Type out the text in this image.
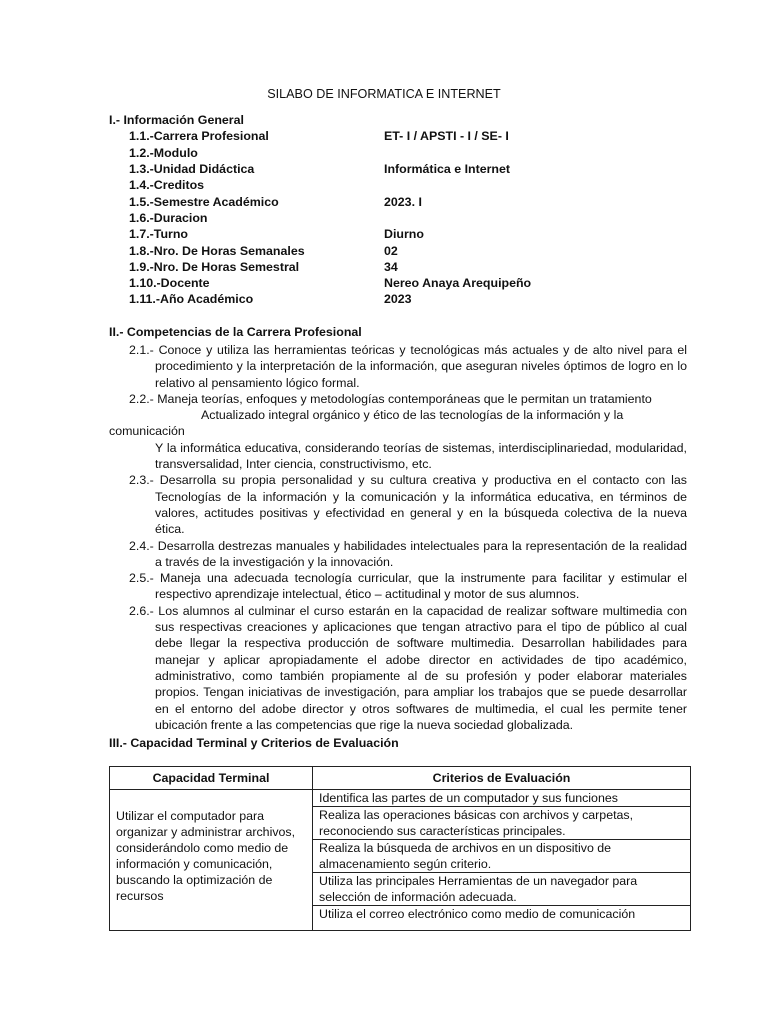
SILABO DE INFORMATICA E INTERNET
I.- Información General
1.1.-Carrera Profesional	ET- I / APSTI - I / SE- I
1.2.-Modulo
1.3.-Unidad Didáctica	Informática e Internet
1.4.-Creditos
1.5.-Semestre Académico	2023. I
1.6.-Duracion
1.7.-Turno	Diurno
1.8.-Nro. De Horas Semanales	02
1.9.-Nro. De Horas Semestral	34
1.10.-Docente	Nereo Anaya Arequipeño
1.11.-Año Académico	2023
II.- Competencias de la Carrera Profesional

2.1.- Conoce y utiliza las herramientas teóricas y tecnológicas más actuales y de alto nivel para el procedimiento y la interpretación de la información, que aseguran niveles óptimos de logro en lo relativo al pensamiento lógico formal.

2.2.- Maneja teorías, enfoques y metodologías contemporáneas que le permitan un tratamiento

Actualizado integral orgánico y ético de las tecnologías de la información y la

comunicación

Y la informática educativa, considerando teorías de sistemas, interdisciplinariedad, modularidad, transversalidad, Inter ciencia, constructivismo, etc.

2.3.- Desarrolla su propia personalidad y su cultura creativa y productiva en el contacto con las Tecnologías de la información y la comunicación y la informática educativa, en términos de valores, actitudes positivas y efectividad en general y en la búsqueda colectiva de la nueva ética.

2.4.- Desarrolla destrezas manuales y habilidades intelectuales para la representación de la realidad a través de la investigación y la innovación.

2.5.- Maneja una adecuada tecnología curricular, que la instrumente para facilitar y estimular el respectivo aprendizaje intelectual, ético – actitudinal y motor de sus alumnos.

2.6.- Los alumnos al culminar el curso estarán en la capacidad de realizar software multimedia con sus respectivas creaciones y aplicaciones que tengan atractivo para el tipo de público al cual debe llegar la respectiva producción de software multimedia. Desarrollan habilidades para manejar y aplicar apropiadamente el adobe director en actividades de tipo académico, administrativo, como también propiamente al de su profesión y poder elaborar materiales propios. Tengan iniciativas de investigación, para ampliar los trabajos que se puede desarrollar en el entorno del adobe director y otros softwares de multimedia, el cual les permite tener ubicación frente a las competencias que rige la nueva sociedad globalizada.

III.- Capacidad Terminal y Criterios de Evaluación
Capacidad Terminal	Criterios de Evaluación
Utilizar el computador para organizar y administrar archivos, considerándolo como medio de información y comunicación, buscando la optimización de recursos	Identifica las partes de un computador y sus funciones
	Realiza las operaciones básicas con archivos y carpetas, reconociendo sus características principales.
	Realiza la búsqueda de archivos en un dispositivo de almacenamiento según criterio.
	Utiliza las principales Herramientas de un navegador para selección de información adecuada.
	Utiliza el correo electrónico como medio de comunicación
